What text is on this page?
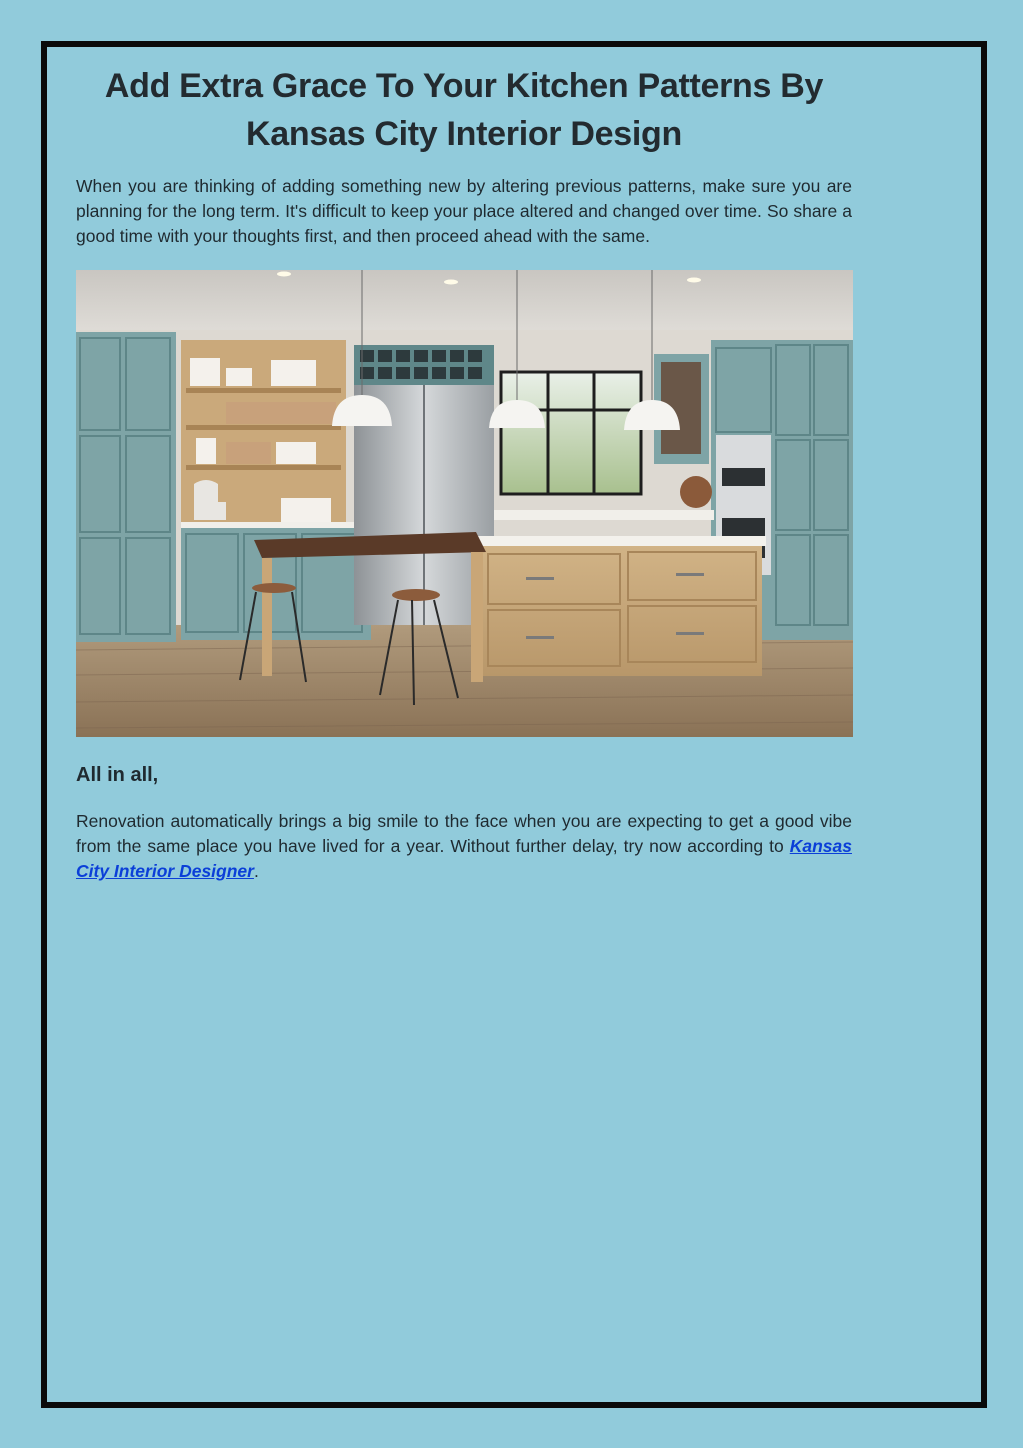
Add Extra Grace To Your Kitchen Patterns By Kansas City Interior Design

When you are thinking of adding something new by altering previous patterns, make sure you are planning for the long term. It's difficult to keep your place altered and changed over time. So share a good time with your thoughts first, and then proceed ahead with the same.

All in all,

Renovation automatically brings a big smile to the face when you are expecting to get a good vibe from the same place you have lived for a year. Without further delay, try now according to Kansas City Interior Designer.
